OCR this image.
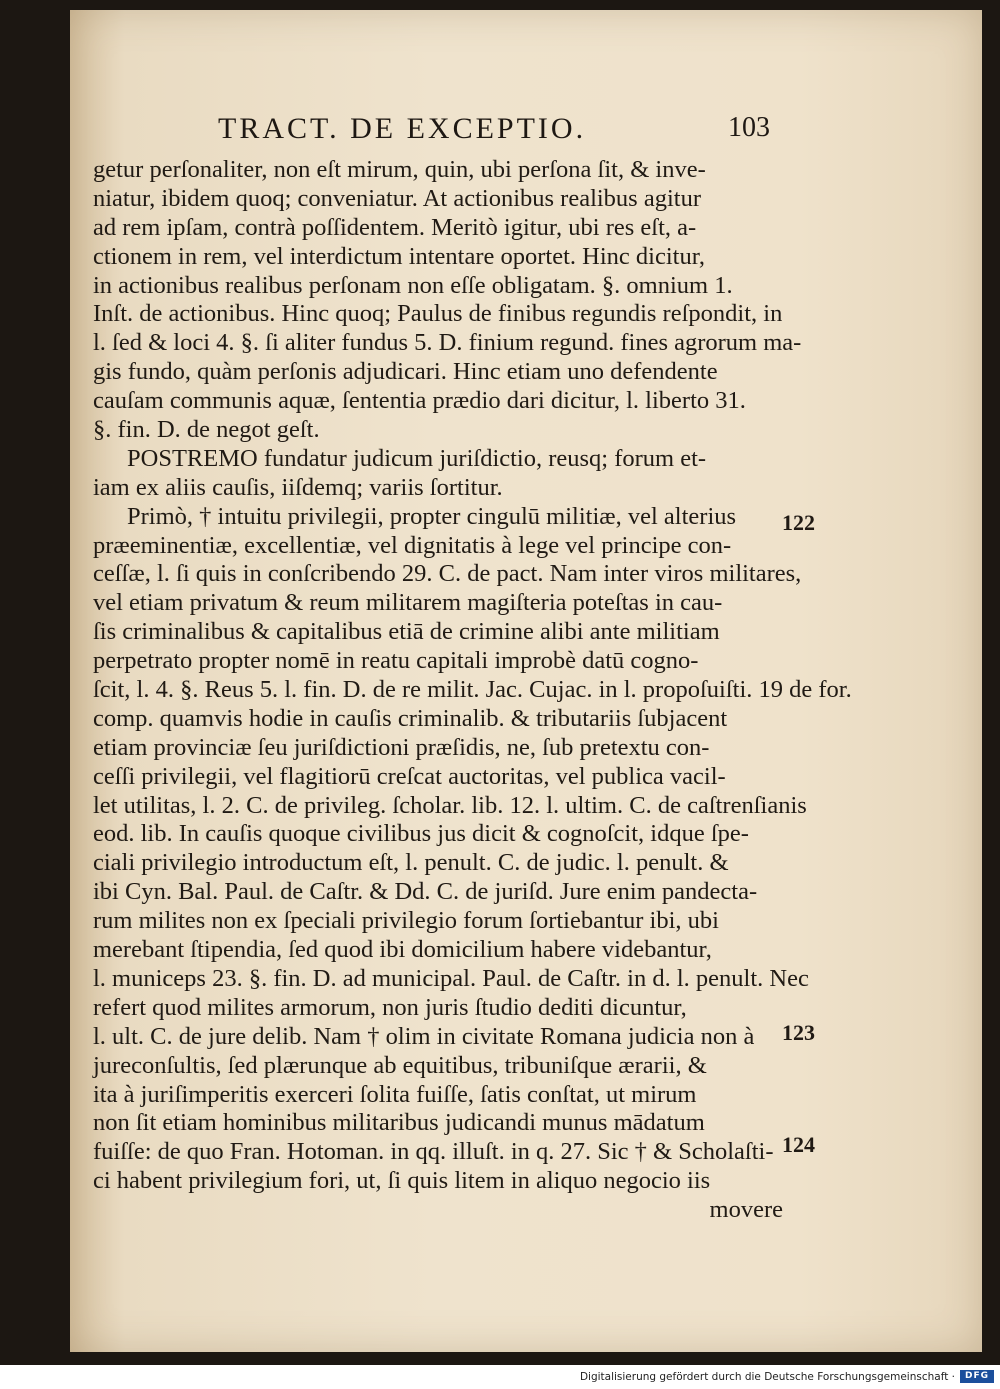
TRACT. DE EXCEPTIO.	103
getur perſonaliter, non eſt mirum, quin, ubi perſona ſit, & inve-
niatur, ibidem quoq; conveniatur. At actionibus realibus agitur
ad rem ipſam, contrà poſſidentem. Meritò igitur, ubi res eſt, a-
ctionem in rem, vel interdictum intentare oportet. Hinc dicitur,
in actionibus realibus perſonam non eſſe obligatam. §. omnium 1.
Inſt. de actionibus. Hinc quoq; Paulus de finibus regundis reſpondit, in
l. ſed & loci 4. §. ſi aliter fundus 5. D. finium regund. fines agrorum ma-
gis fundo, quàm perſonis adjudicari. Hinc etiam uno defendente
cauſam communis aquæ, ſententia prædio dari dicitur, l. liberto 31.
§. fin. D. de negot geſt.
POSTREMO fundatur judicum juriſdictio, reusq; forum et-
iam ex aliis cauſis, iiſdemq; variis ſortitur.
Primò, † intuitu privilegii, propter cingulū militiæ, vel alterius
præeminentiæ, excellentiæ, vel dignitatis à lege vel principe con-
ceſſæ, l. ſi quis in conſcribendo 29. C. de pact. Nam inter viros militares,
vel etiam privatum & reum militarem magiſteria poteſtas in cau-
ſis criminalibus & capitalibus etiā de crimine alibi ante militiam
perpetrato propter nomē in reatu capitali improbè datū cogno-
ſcit, l. 4. §. Reus 5. l. fin. D. de re milit. Jac. Cujac. in l. propoſuiſti. 19 de for.
comp. quamvis hodie in cauſis criminalib. & tributariis ſubjacent
etiam provinciæ ſeu juriſdictioni præſidis, ne, ſub pretextu con-
ceſſi privilegii, vel flagitiorū creſcat auctoritas, vel publica vacil-
let utilitas, l. 2. C. de privileg. ſcholar. lib. 12. l. ultim. C. de caſtrenſianis
eod. lib. In cauſis quoque civilibus jus dicit & cognoſcit, idque ſpe-
ciali privilegio introductum eſt, l. penult. C. de judic. l. penult. &
ibi Cyn. Bal. Paul. de Caſtr. & Dd. C. de juriſd. Jure enim pandecta-
rum milites non ex ſpeciali privilegio forum ſortiebantur ibi, ubi
merebant ſtipendia, ſed quod ibi domicilium habere videbantur,
l. municeps 23. §. fin. D. ad municipal. Paul. de Caſtr. in d. l. penult. Nec
refert quod milites armorum, non juris ſtudio dediti dicuntur,
l. ult. C. de jure delib. Nam † olim in civitate Romana judicia non à
jureconſultis, ſed plærunque ab equitibus, tribuniſque ærarii, &
ita à juriſimperitis exerceri ſolita fuiſſe, ſatis conſtat, ut mirum
non ſit etiam hominibus militaribus judicandi munus mādatum
fuiſſe: de quo Fran. Hotoman. in qq. illuſt. in q. 27. Sic † & Scholaſti-
ci habent privilegium fori, ut, ſi quis litem in aliquo negocio iis
movere
122
123
124
Digitalisierung gefördert durch die Deutsche Forschungsgemeinschaft ·	DFG
